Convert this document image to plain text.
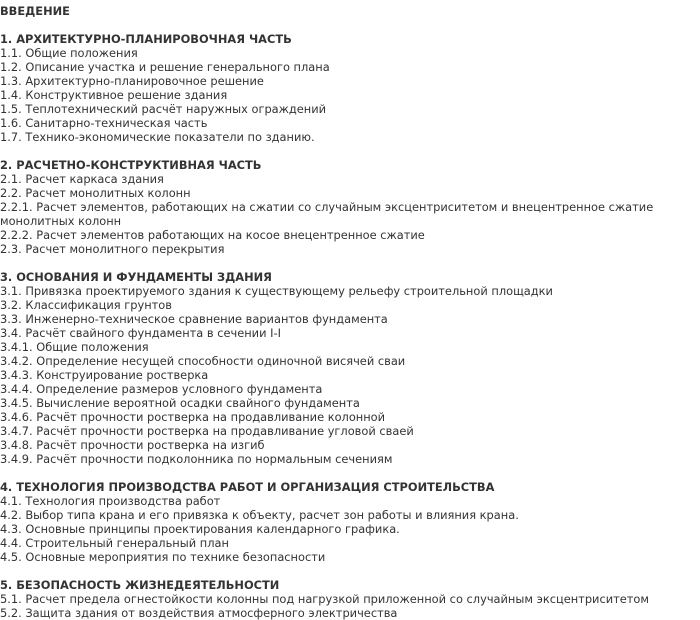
ВВЕДЕНИЕ
1. АРХИТЕКТУРНО-ПЛАНИРОВОЧНАЯ ЧАСТЬ
1.1. Общие положения
1.2. Описание участка и решение генерального плана
1.3. Архитектурно-планировочное решение
1.4. Конструктивное решение здания
1.5. Теплотехнический расчёт наружных ограждений
1.6. Санитарно-техническая часть
1.7. Технико-экономические показатели по зданию.
2. РАСЧЕТНО-КОНСТРУКТИВНАЯ ЧАСТЬ
2.1. Расчет каркаса здания
2.2. Расчет монолитных колонн
2.2.1. Расчет элементов, работающих на сжатии со случайным эксцентриситетом и внецентренное сжатие монолитных колонн
2.2.2. Расчет элементов работающих на косое внецентренное сжатие
2.3. Расчет монолитного перекрытия
3. ОСНОВАНИЯ И ФУНДАМЕНТЫ ЗДАНИЯ
3.1. Привязка проектируемого здания к существующему рельефу строительной площадки
3.2. Классификация грунтов
3.3. Инженерно-техническое сравнение вариантов фундамента
3.4. Расчёт свайного фундамента в сечении I-I
3.4.1. Общие положения
3.4.2. Определение несущей способности одиночной висячей сваи
3.4.3. Конструирование ростверка
3.4.4. Определение размеров условного фундамента
3.4.5. Вычисление вероятной осадки свайного фундамента
3.4.6. Расчёт прочности ростверка на продавливание колонной
3.4.7. Расчёт прочности ростверка на продавливание угловой сваей
3.4.8. Расчёт прочности ростверка на изгиб
3.4.9. Расчёт прочности подколонника по нормальным сечениям
4. ТЕХНОЛОГИЯ ПРОИЗВОДСТВА РАБОТ И ОРГАНИЗАЦИЯ СТРОИТЕЛЬСТВА
4.1. Технология производства работ
4.2. Выбор типа крана и его привязка к объекту, расчет зон работы и влияния крана.
4.3. Основные принципы проектирования календарного графика.
4.4. Строительный генеральный план
4.5. Основные мероприятия по технике безопасности
5. БЕЗОПАСНОСТЬ ЖИЗНЕДЕЯТЕЛЬНОСТИ
5.1. Расчет предела огнестойкости колонны под нагрузкой приложенной со случайным эксцентриситетом
5.2. Защита здания от воздействия атмосферного электричества
